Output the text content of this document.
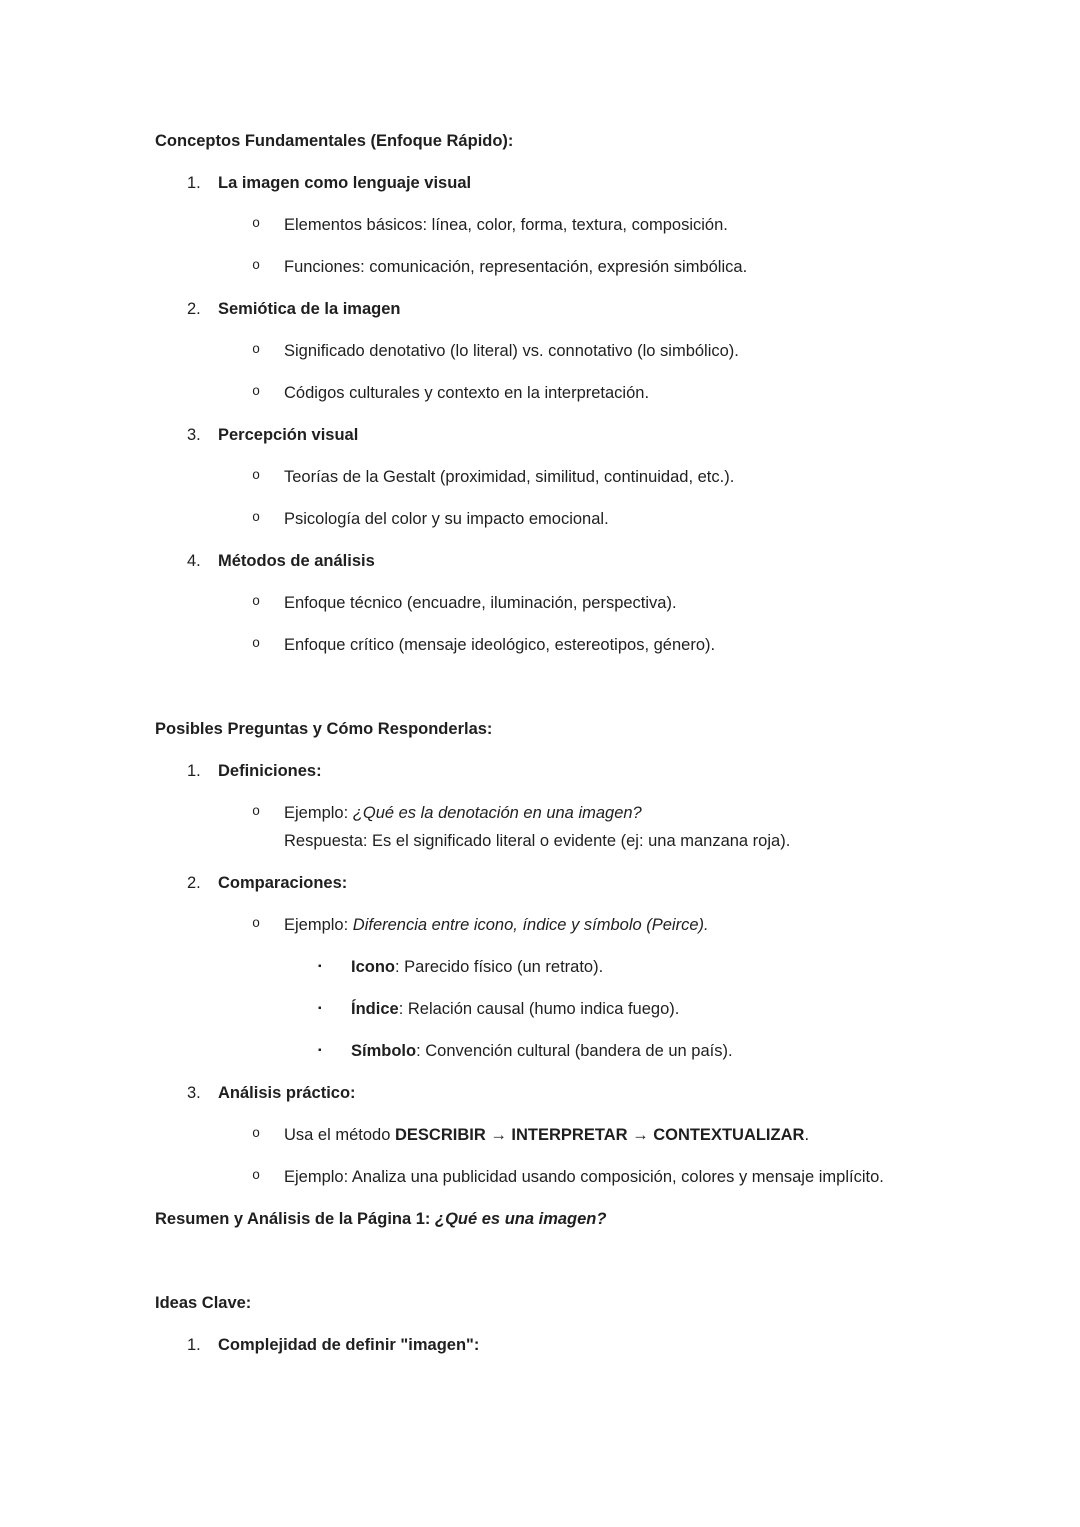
Conceptos Fundamentales (Enfoque Rápido):
1.	La imagen como lenguaje visual
o	Elementos básicos: línea, color, forma, textura, composición.
o	Funciones: comunicación, representación, expresión simbólica.
2.	Semiótica de la imagen
o	Significado denotativo (lo literal) vs. connotativo (lo simbólico).
o	Códigos culturales y contexto en la interpretación.
3.	Percepción visual
o	Teorías de la Gestalt (proximidad, similitud, continuidad, etc.).
o	Psicología del color y su impacto emocional.
4.	Métodos de análisis
o	Enfoque técnico (encuadre, iluminación, perspectiva).
o	Enfoque crítico (mensaje ideológico, estereotipos, género).
Posibles Preguntas y Cómo Responderlas:
1.	Definiciones:
o	Ejemplo: ¿Qué es la denotación en una imagen?
Respuesta: Es el significado literal o evidente (ej: una manzana roja).
2.	Comparaciones:
o	Ejemplo: Diferencia entre icono, índice y símbolo (Peirce).
▪	Icono: Parecido físico (un retrato).
▪	Índice: Relación causal (humo indica fuego).
▪	Símbolo: Convención cultural (bandera de un país).
3.	Análisis práctico:
o	Usa el método DESCRIBIR → INTERPRETAR → CONTEXTUALIZAR.
o	Ejemplo: Analiza una publicidad usando composición, colores y mensaje implícito.
Resumen y Análisis de la Página 1: ¿Qué es una imagen?
Ideas Clave:
1.	Complejidad de definir "imagen":
